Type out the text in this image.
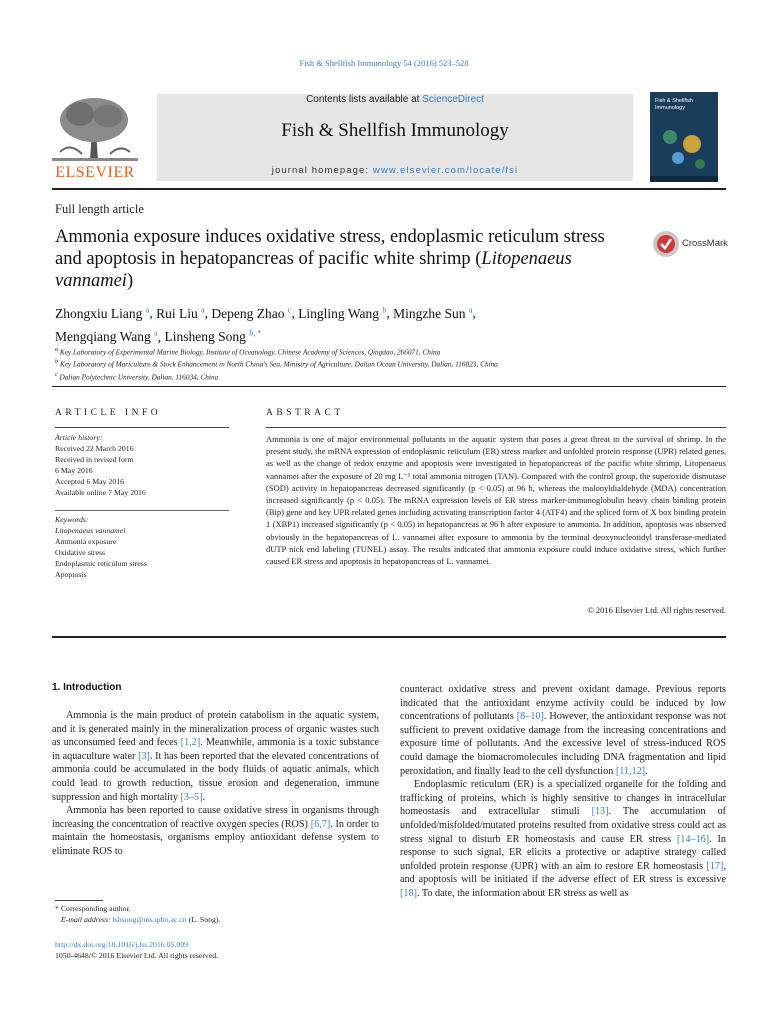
Fish & Shellfish Immunology 54 (2016) 523–528
ELSEVIER
Contents lists available at ScienceDirect
Fish & Shellfish Immunology
journal homepage: www.elsevier.com/locate/fsi
Fish & Shellfish Immunology
Full length article
Ammonia exposure induces oxidative stress, endoplasmic reticulum stress and apoptosis in hepatopancreas of pacific white shrimp (Litopenaeus vannamei)
CrossMark
Zhongxiu Liang $^a$, Rui Liu $^a$, Depeng Zhao $^c$, Lingling Wang $^b$, Mingzhe Sun $^a$,
Mengqiang Wang $^a$, Linsheng Song $^{b, *}$
$^a$ Key Laboratory of Experimental Marine Biology, Institute of Oceanology, Chinese Academy of Sciences, Qingdao, 266071, China
$^b$ Key Laboratory of Mariculture & Stock Enhancement in North China's Sea, Ministry of Agriculture, Dalian Ocean University, Dalian, 116023, China
$^c$ Dalian Polytechnic University, Dalian, 116034, China
ARTICLE INFO	ABSTRACT
Article history:
Received 22 March 2016
Received in revised form
6 May 2016
Accepted 6 May 2016
Available online 7 May 2016
Keywords:
Litopenaeus vannamei
Ammonia exposure
Oxidative stress
Endoplasmic reticulum stress
Apoptosis
Ammonia is one of major environmental pollutants in the aquatic system that poses a great threat to the survival of shrimp. In the present study, the mRNA expression of endoplasmic reticulum (ER) stress marker and unfolded protein response (UPR) related genes, as well as the change of redox enzyme and apoptosis were investigated in hepatopancreas of the pacific white shrimp, Litopenaeus vannamei after the exposure of 20 mg L⁻¹ total ammonia nitrogen (TAN). Compared with the control group, the superoxide dismutase (SOD) activity in hepatopancreas decreased significantly (p < 0.05) at 96 h, whereas the malonyldialdehyde (MDA) concentration increased significantly (p < 0.05). The mRNA expression levels of ER stress marker-immunoglobulin heavy chain binding protein (Bip) gene and key UPR related genes including activating transcription factor 4 (ATF4) and the spliced form of X box binding protein 1 (XBP1) increased significantly (p < 0.05) in hepatopancreas at 96 h after exposure to ammonia. In addition, apoptosis was observed obviously in the hepatopancreas of L. vannamei after exposure to ammonia by the terminal deoxynucleotidyl transferase-mediated dUTP nick end labeling (TUNEL) assay. The results indicated that ammonia exposure could induce oxidative stress, which further caused ER stress and apoptosis in hepatopancreas of L. vannamei.
© 2016 Elsevier Ltd. All rights reserved.
1. Introduction

Ammonia is the main product of protein catabolism in the aquatic system, and it is generated mainly in the mineralization process of organic wastes such as unconsumed feed and feces [1,2]. Meanwhile, ammonia is a toxic substance in aquaculture water [3]. It has been reported that the elevated concentrations of ammonia could be accumulated in the body fluids of aquatic animals, which could lead to growth reduction, tissue erosion and degeneration, immune suppression and high mortality [3–5].

Ammonia has been reported to cause oxidative stress in organisms through increasing the concentration of reactive oxygen species (ROS) [6,7]. In order to maintain the homeostasis, organisms employ antioxidant defense system to eliminate ROS to

counteract oxidative stress and prevent oxidant damage. Previous reports indicated that the antioxidant enzyme activity could be induced by low concentrations of pollutants [8–10]. However, the antioxidant response was not sufficient to prevent oxidative damage from the increasing concentrations and exposure time of pollutants. And the excessive level of stress-induced ROS could damage the biomacromolecules including DNA fragmentation and lipid peroxidation, and finally lead to the cell dysfunction [11,12].

Endoplasmic reticulum (ER) is a specialized organelle for the folding and trafficking of proteins, which is highly sensitive to changes in intracellular homeostasis and extracellular stimuli [13]. The accumulation of unfolded/misfolded/mutated proteins resulted from oxidative stress could act as stress signal to disturb ER homeostasis and cause ER stress [14–16]. In response to such signal, ER elicits a protective or adaptive strategy called unfolded protein response (UPR) with an aim to restore ER homeostasis [17], and apoptosis will be initiated if the adverse effect of ER stress is excessive [18]. To date, the information about ER stress as well as

* Corresponding author.
E-mail address: lshsong@ms.qdio.ac.cn (L. Song).
http://dx.doi.org/10.1016/j.fsi.2016.05.009
1050-4648/© 2016 Elsevier Ltd. All rights reserved.
